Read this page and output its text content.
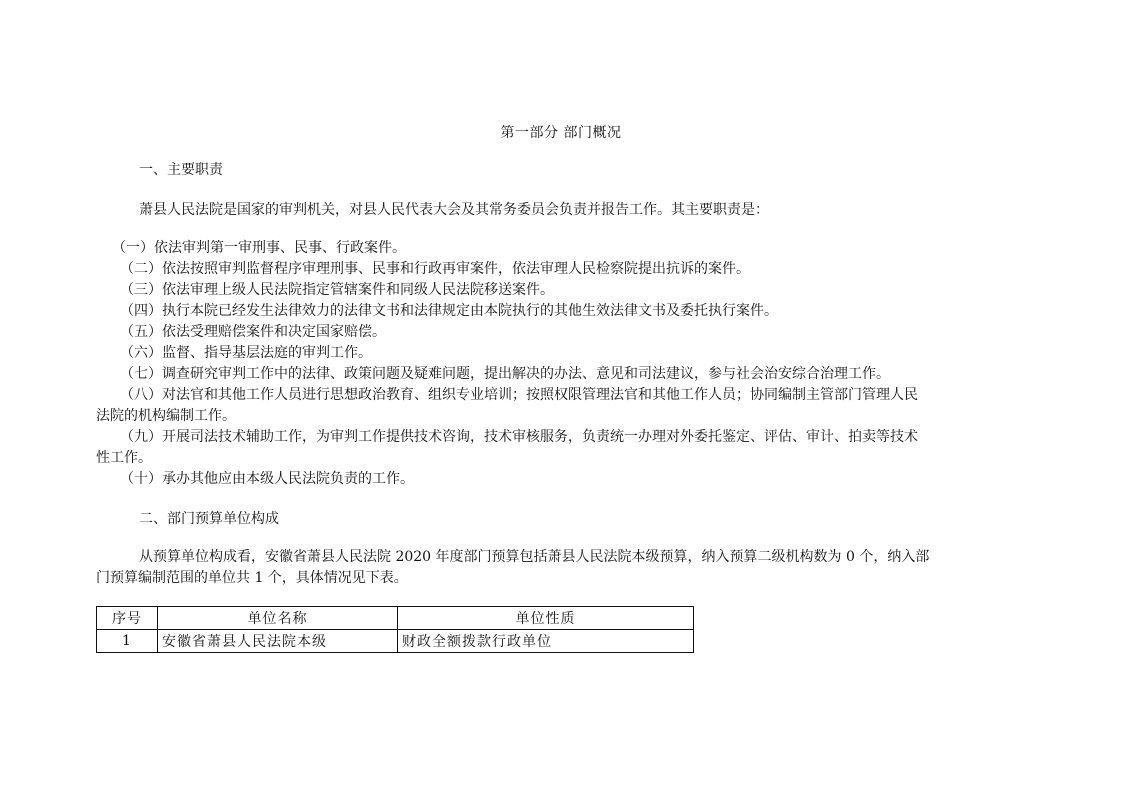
第一部分 部门概况
一、主要职责
萧县人民法院是国家的审判机关，对县人民代表大会及其常务委员会负责并报告工作。其主要职责是：
（一）依法审判第一审刑事、民事、行政案件。
（二）依法按照审判监督程序审理刑事、民事和行政再审案件，依法审理人民检察院提出抗诉的案件。
（三）依法审理上级人民法院指定管辖案件和同级人民法院移送案件。
（四）执行本院已经发生法律效力的法律文书和法律规定由本院执行的其他生效法律文书及委托执行案件。
（五）依法受理赔偿案件和决定国家赔偿。
（六）监督、指导基层法庭的审判工作。
（七）调查研究审判工作中的法律、政策问题及疑难问题，提出解决的办法、意见和司法建议，参与社会治安综合治理工作。
（八）对法官和其他工作人员进行思想政治教育、组织专业培训；按照权限管理法官和其他工作人员；协同编制主管部门管理人民
法院的机构编制工作。
（九）开展司法技术辅助工作，为审判工作提供技术咨询，技术审核服务，负责统一办理对外委托鉴定、评估、审计、拍卖等技术
性工作。
（十）承办其他应由本级人民法院负责的工作。
二、部门预算单位构成
从预算单位构成看，安徽省萧县人民法院 2020 年度部门预算包括萧县人民法院本级预算，纳入预算二级机构数为 0 个，纳入部
门预算编制范围的单位共 1 个，具体情况见下表。
序号	单位名称	单位性质
1	安徽省萧县人民法院本级	财政全额拨款行政单位
